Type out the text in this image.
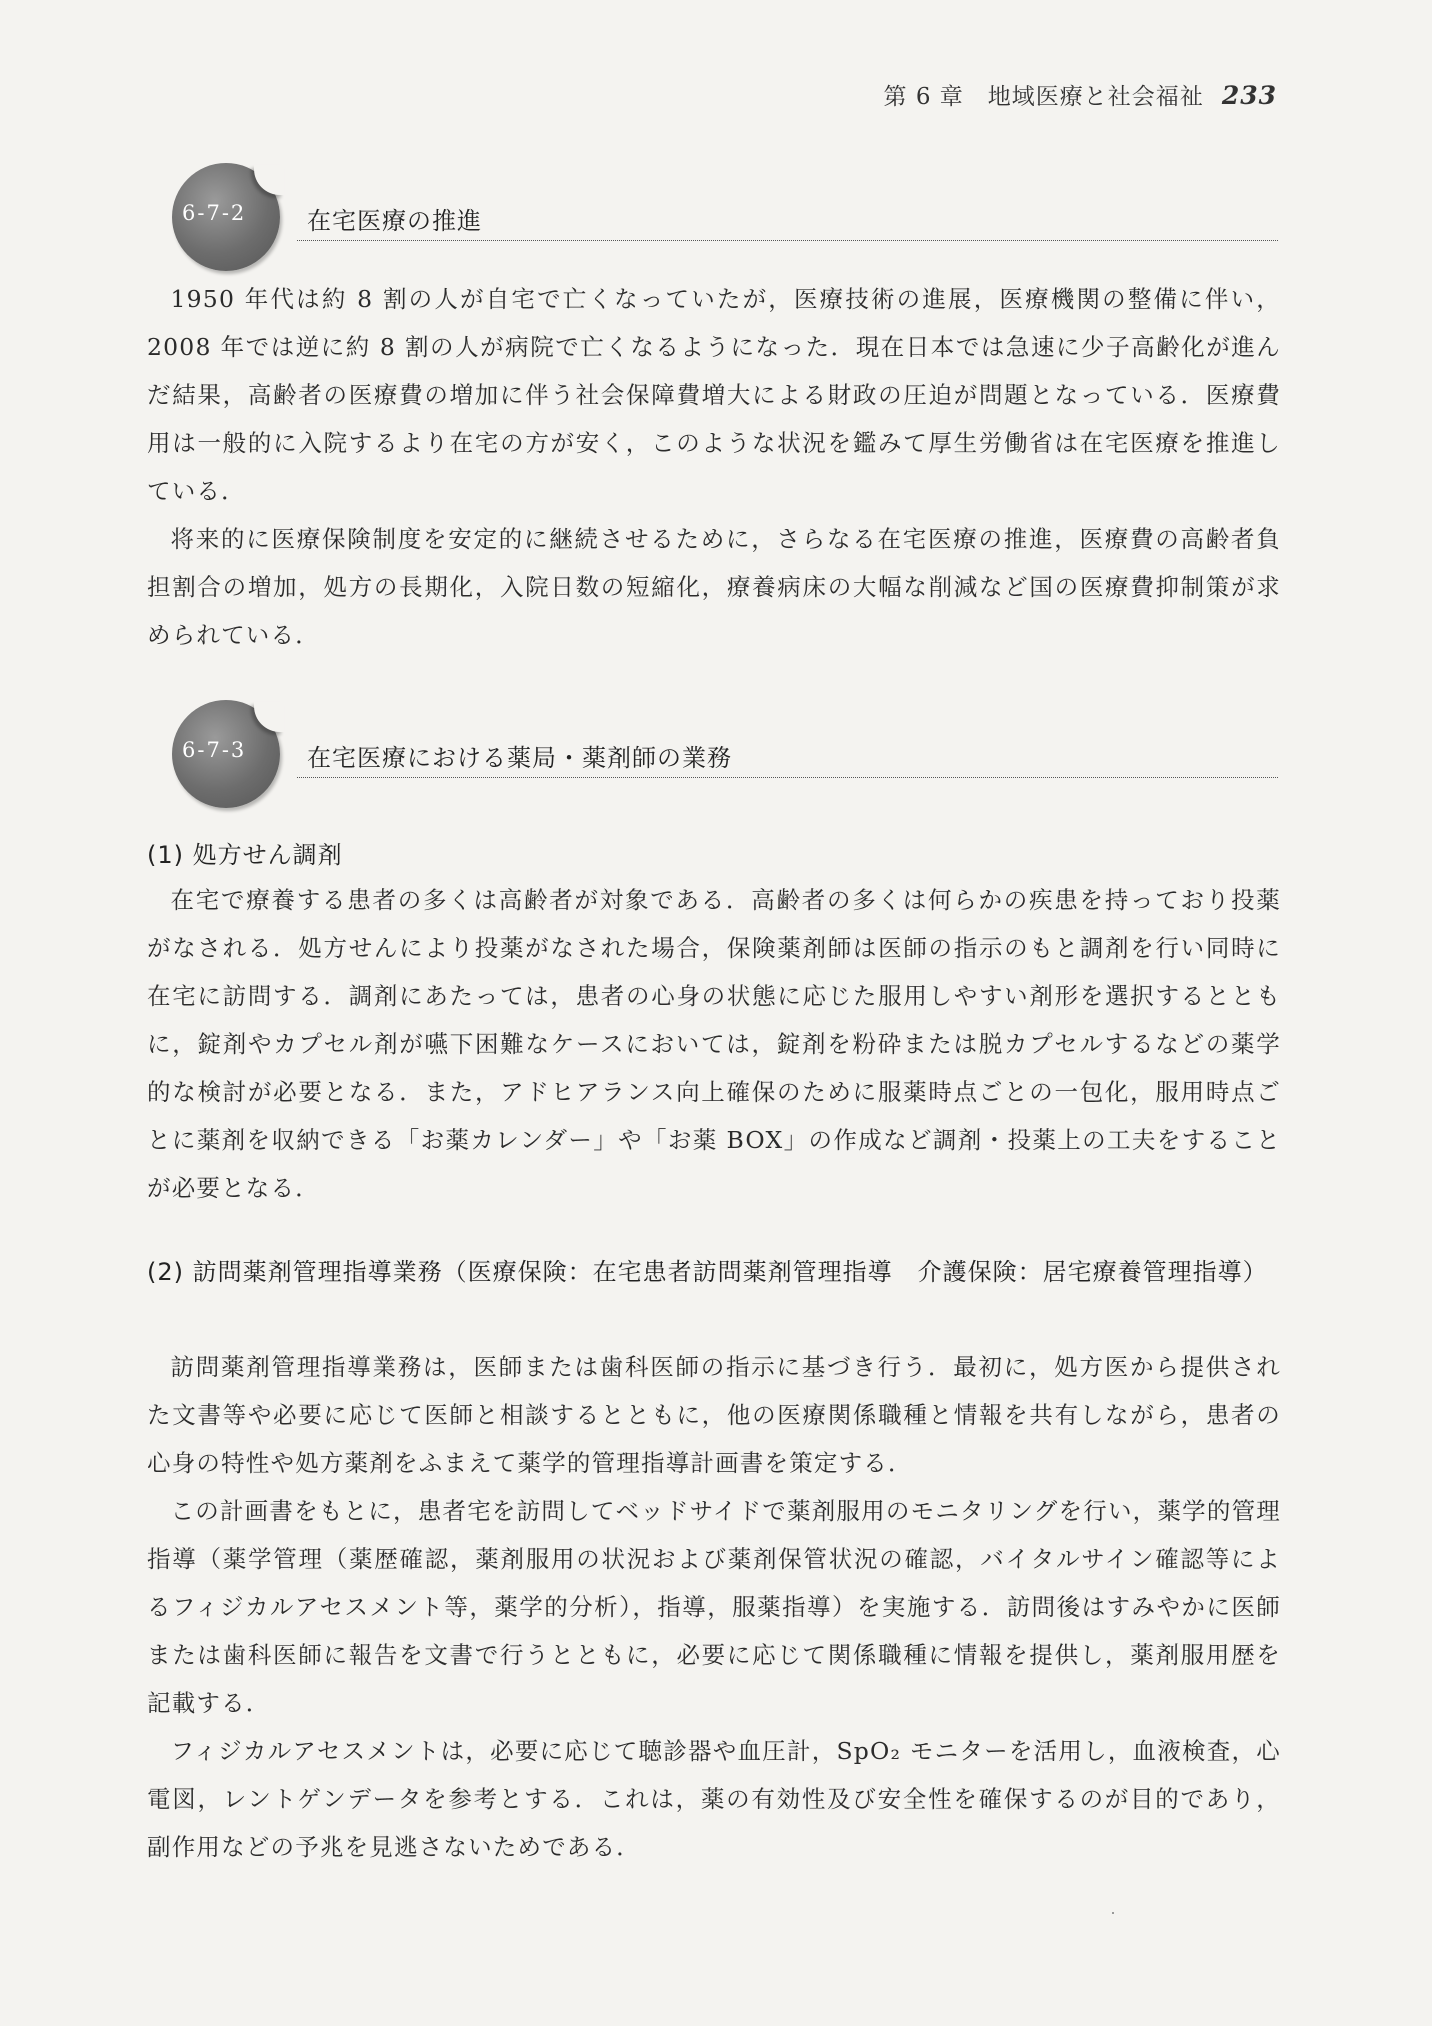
第 6 章　地域医療と社会福祉 233
6-7-2	在宅医療の推進

1950 年代は約 8 割の人が自宅で亡くなっていたが，医療技術の進展，医療機関の整備に伴い，2008 年では逆に約 8 割の人が病院で亡くなるようになった．現在日本では急速に少子高齢化が進んだ結果，高齢者の医療費の増加に伴う社会保障費増大による財政の圧迫が問題となっている．医療費用は一般的に入院するより在宅の方が安く，このような状況を鑑みて厚生労働省は在宅医療を推進している．

将来的に医療保険制度を安定的に継続させるために，さらなる在宅医療の推進，医療費の高齢者負担割合の増加，処方の長期化，入院日数の短縮化，療養病床の大幅な削減など国の医療費抑制策が求められている．

6-7-3	在宅医療における薬局・薬剤師の業務
(1) 処方せん調剤

在宅で療養する患者の多くは高齢者が対象である．高齢者の多くは何らかの疾患を持っており投薬がなされる．処方せんにより投薬がなされた場合，保険薬剤師は医師の指示のもと調剤を行い同時に在宅に訪問する．調剤にあたっては，患者の心身の状態に応じた服用しやすい剤形を選択するとともに，錠剤やカプセル剤が嚥下困難なケースにおいては，錠剤を粉砕または脱カプセルするなどの薬学的な検討が必要となる．また，アドヒアランス向上確保のために服薬時点ごとの一包化，服用時点ごとに薬剤を収納できる「お薬カレンダー」や「お薬 BOX」の作成など調剤・投薬上の工夫をすることが必要となる．

(2) 訪問薬剤管理指導業務（医療保険：在宅患者訪問薬剤管理指導　介護保険：居宅療養管理指導）

訪問薬剤管理指導業務は，医師または歯科医師の指示に基づき行う．最初に，処方医から提供された文書等や必要に応じて医師と相談するとともに，他の医療関係職種と情報を共有しながら，患者の心身の特性や処方薬剤をふまえて薬学的管理指導計画書を策定する．

この計画書をもとに，患者宅を訪問してベッドサイドで薬剤服用のモニタリングを行い，薬学的管理指導（薬学管理（薬歴確認，薬剤服用の状況および薬剤保管状況の確認，バイタルサイン確認等によるフィジカルアセスメント等，薬学的分析），指導，服薬指導）を実施する．訪問後はすみやかに医師または歯科医師に報告を文書で行うとともに，必要に応じて関係職種に情報を提供し，薬剤服用歴を記載する．

フィジカルアセスメントは，必要に応じて聴診器や血圧計，SpO₂ モニターを活用し，血液検査，心電図，レントゲンデータを参考とする．これは，薬の有効性及び安全性を確保するのが目的であり，副作用などの予兆を見逃さないためである．
